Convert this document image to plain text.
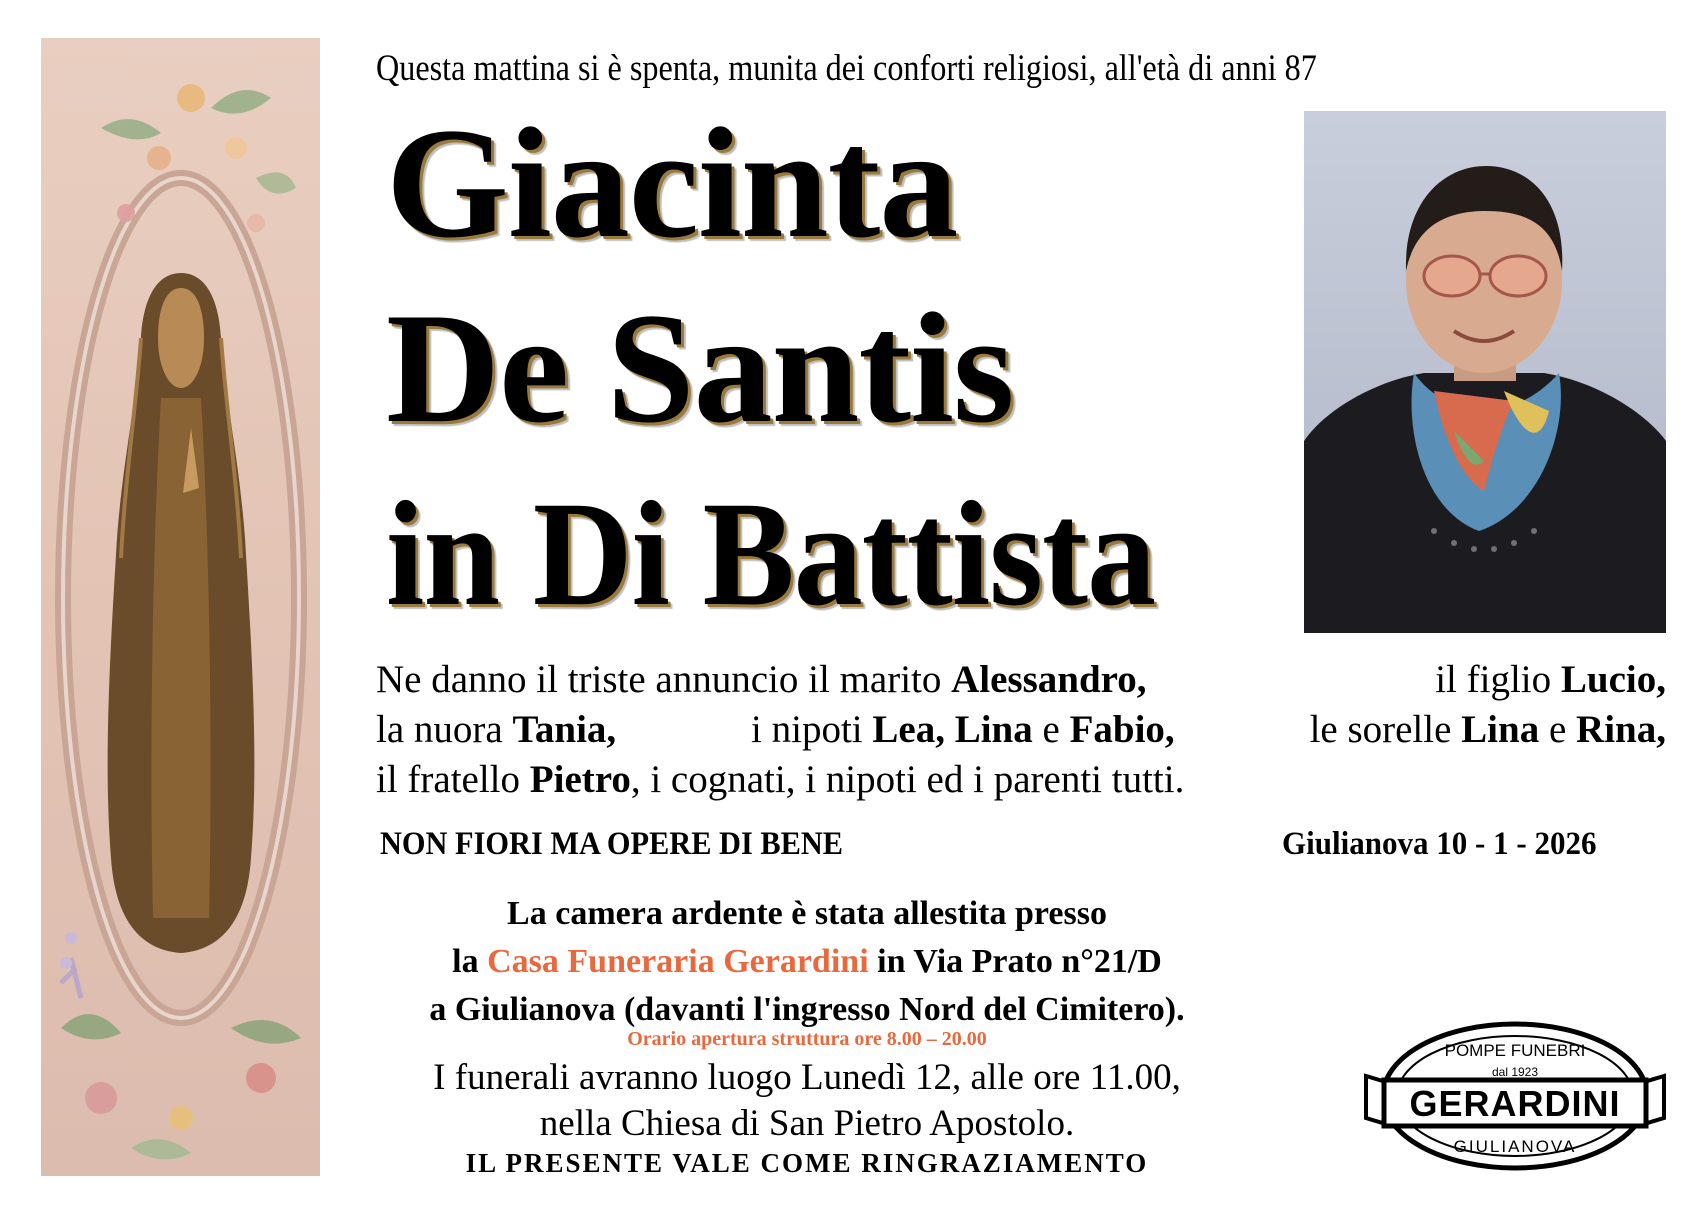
Questa mattina si è spenta, munita dei conforti religiosi, all'età di anni 87
Giacinta
De Santis
in Di Battista
Ne danno il triste annuncio il marito Alessandro,	il figlio Lucio,
la nuora Tania,	i nipoti Lea, Lina e Fabio,	le sorelle Lina e Rina,
il fratello Pietro, i cognati, i nipoti ed i parenti tutti.
NON FIORI MA OPERE DI BENE	Giulianova 10 - 1 - 2026
La camera ardente è stata allestita presso
la Casa Funeraria Gerardini in Via Prato n°21/D
a Giulianova (davanti l'ingresso Nord del Cimitero).
Orario apertura struttura ore 8.00 – 20.00
I funerali avranno luogo Lunedì 12, alle ore 11.00,
nella Chiesa di San Pietro Apostolo.
IL PRESENTE VALE COME RINGRAZIAMENTO
POMPE FUNEBRI
dal 1923
GERARDINI
GIULIANOVA
